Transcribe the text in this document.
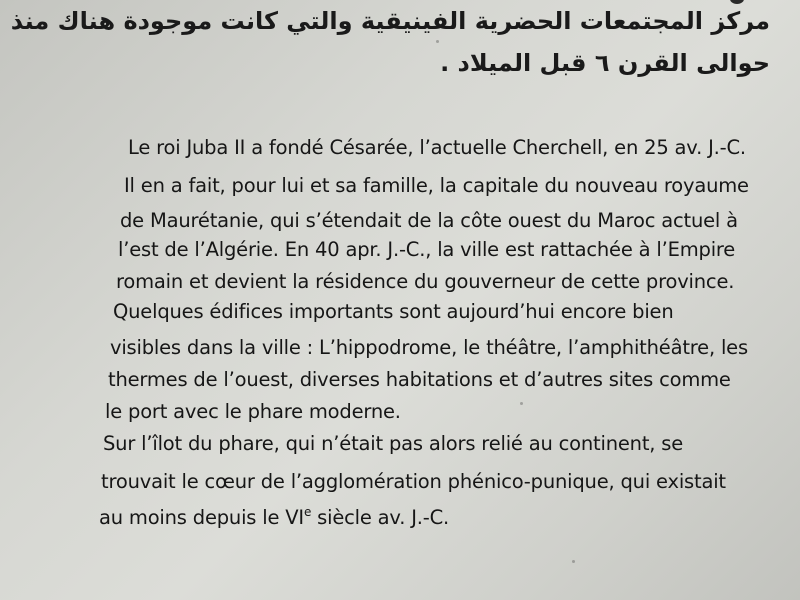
مركز المجتمعات الحضرية الفينيقية والتي كانت موجودة هناك منذ
حوالى القرن ٦ قبل الميلاد .
Le roi Juba II a fondé Césarée, l’actuelle Cherchell, en 25 av. J.-C.
Il en a fait, pour lui et sa famille, la capitale du nouveau royaume
de Maurétanie, qui s’étendait de la côte ouest du Maroc actuel à
l’est de l’Algérie. En 40 apr. J.-C., la ville est rattachée à l’Empire
romain et devient la résidence du gouverneur de cette province.
Quelques édifices importants sont aujourd’hui encore bien
visibles dans la ville : L’hippodrome, le théâtre, l’amphithéâtre, les
thermes de l’ouest, diverses habitations et d’autres sites comme
le port avec le phare moderne.
Sur l’îlot du phare, qui n’était pas alors relié au continent, se
trouvait le cœur de l’agglomération phénico-punique, qui existait
au moins depuis le VIe siècle av. J.-C.
